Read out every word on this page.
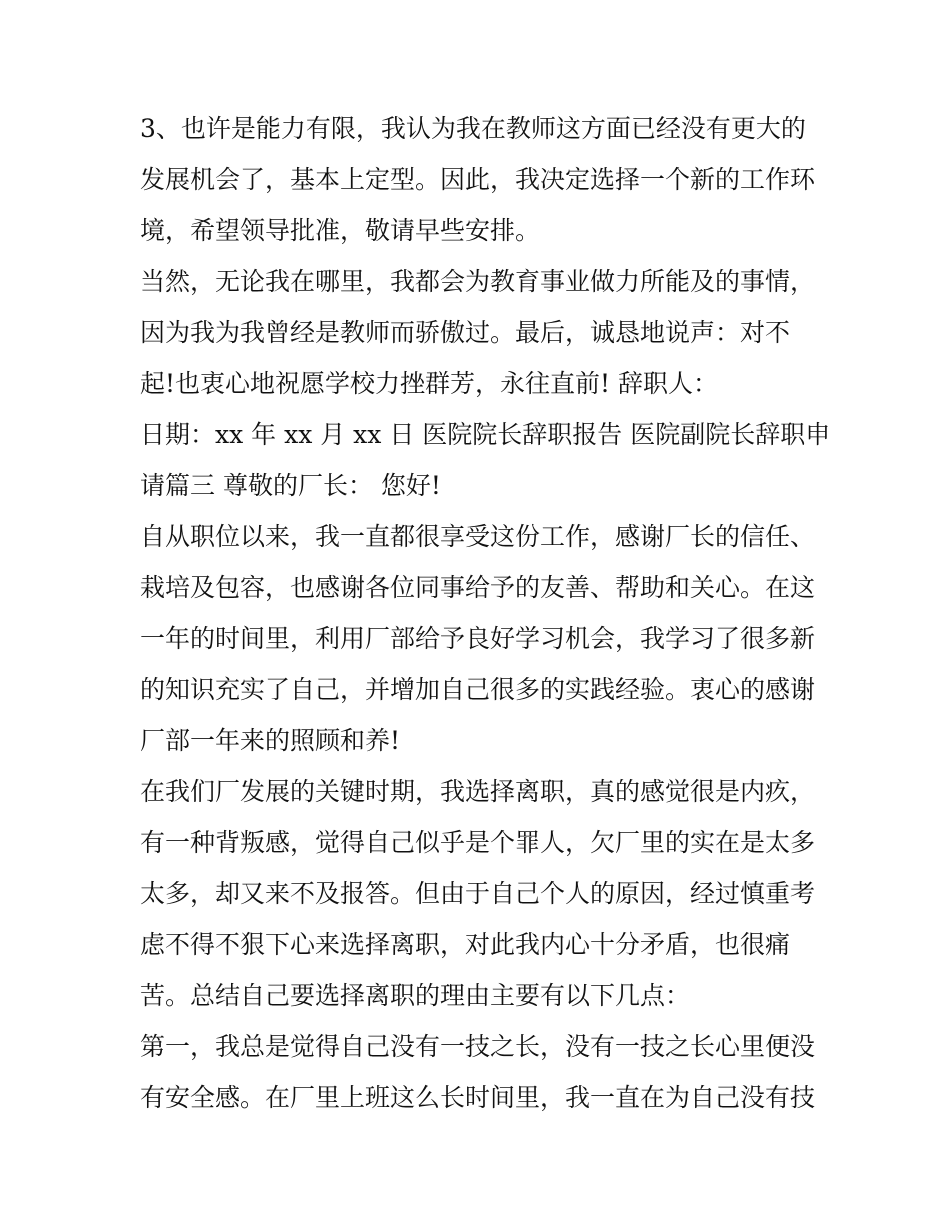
3、也许是能力有限，我认为我在教师这方面已经没有更大的

发展机会了，基本上定型。因此，我决定选择一个新的工作环

境，希望领导批准，敬请早些安排。

当然，无论我在哪里，我都会为教育事业做力所能及的事情，

因为我为我曾经是教师而骄傲过。最后，诚恳地说声：对不

起!也衷心地祝愿学校力挫群芳，永往直前! 辞职人：

日期：xx 年 xx 月 xx 日 医院院长辞职报告 医院副院长辞职申

请篇三 尊敬的厂长： 您好!

自从职位以来，我一直都很享受这份工作，感谢厂长的信任、

栽培及包容，也感谢各位同事给予的友善、帮助和关心。在这

一年的时间里，利用厂部给予良好学习机会，我学习了很多新

的知识充实了自己，并增加自己很多的实践经验。衷心的感谢

厂部一年来的照顾和养!

在我们厂发展的关键时期，我选择离职，真的感觉很是内疚，

有一种背叛感，觉得自己似乎是个罪人，欠厂里的实在是太多

太多，却又来不及报答。但由于自己个人的原因，经过慎重考

虑不得不狠下心来选择离职，对此我内心十分矛盾，也很痛

苦。总结自己要选择离职的理由主要有以下几点：

第一，我总是觉得自己没有一技之长，没有一技之长心里便没

有安全感。在厂里上班这么长时间里，我一直在为自己没有技
